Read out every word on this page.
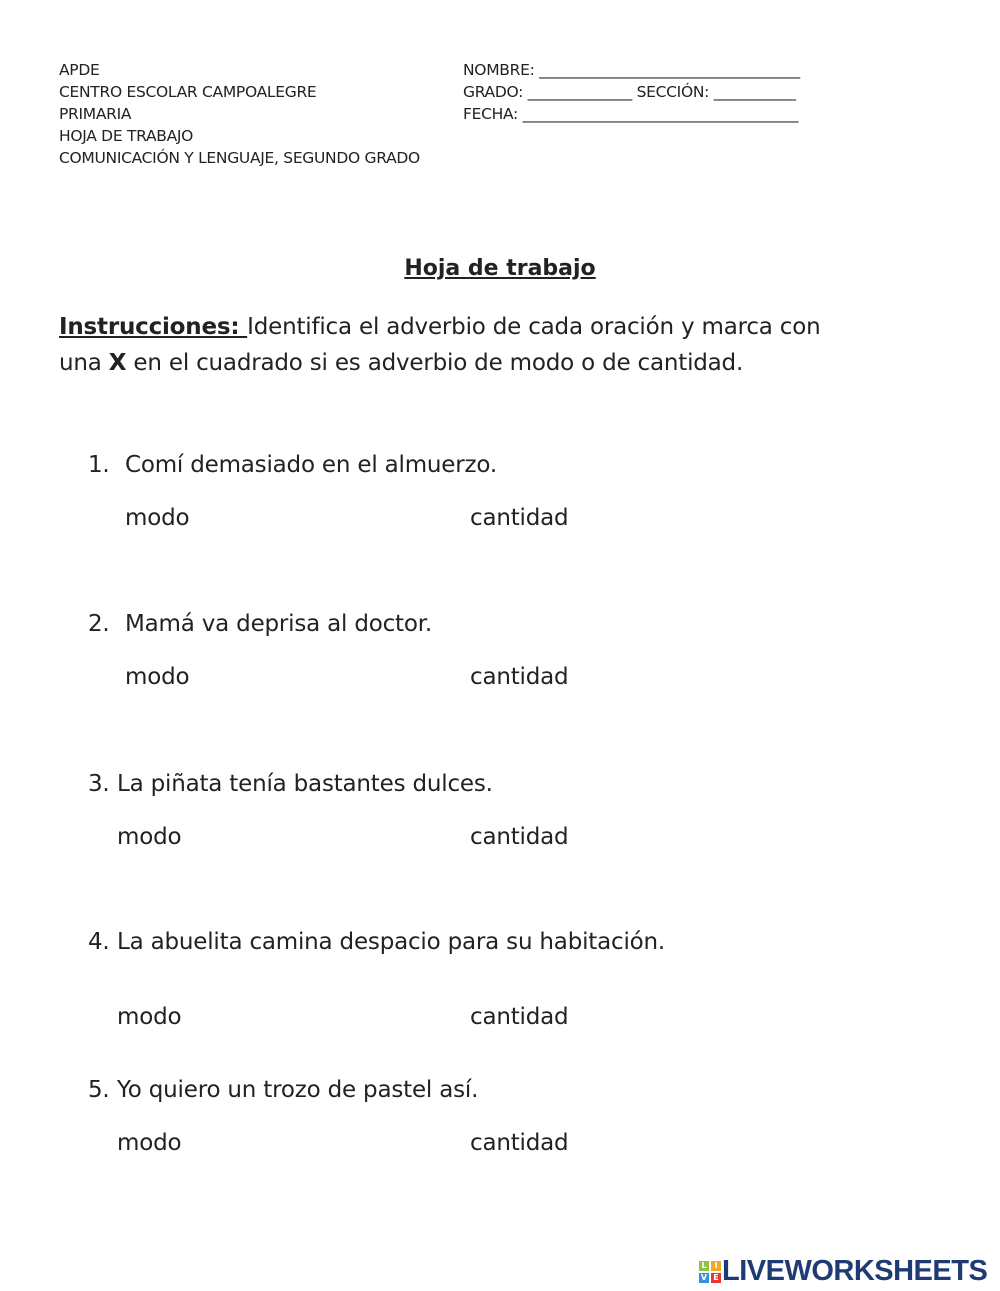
APDE
CENTRO ESCOLAR CAMPOALEGRE
PRIMARIA
HOJA DE TRABAJO
COMUNICACIÓN Y LENGUAJE, SEGUNDO GRADO
NOMBRE: ___________________________________
GRADO: ______________ SECCIÓN: ___________
FECHA: _____________________________________
Hoja de trabajo
Instrucciones: Identifica el adverbio de cada oración y marca con
una X en el cuadrado si es adverbio de modo o de cantidad.
1. Comí demasiado en el almuerzo.
modo	cantidad
2. Mamá va deprisa al doctor.
modo	cantidad
3. La piñata tenía bastantes dulces.
modo	cantidad
4. La abuelita camina despacio para su habitación.
modo	cantidad
5. Yo quiero un trozo de pastel así.
modo	cantidad
L I
V E LIVEWORKSHEETS
